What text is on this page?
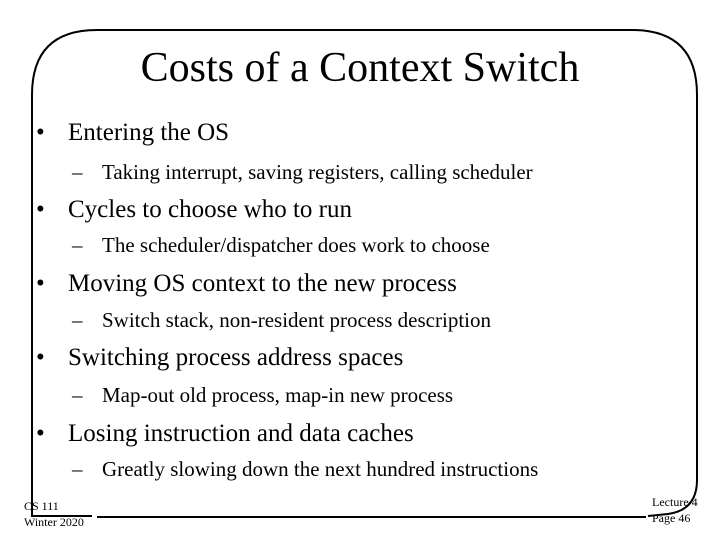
Costs of a Context Switch
• Entering the OS
– Taking interrupt, saving registers, calling scheduler
• Cycles to choose who to run
– The scheduler/dispatcher does work to choose
• Moving OS context to the new process
– Switch stack, non-resident process description
• Switching process address spaces
– Map-out old process, map-in new process
• Losing instruction and data caches
– Greatly slowing down the next hundred instructions
CS 111
Winter 2020
Lecture 4
Page 46
